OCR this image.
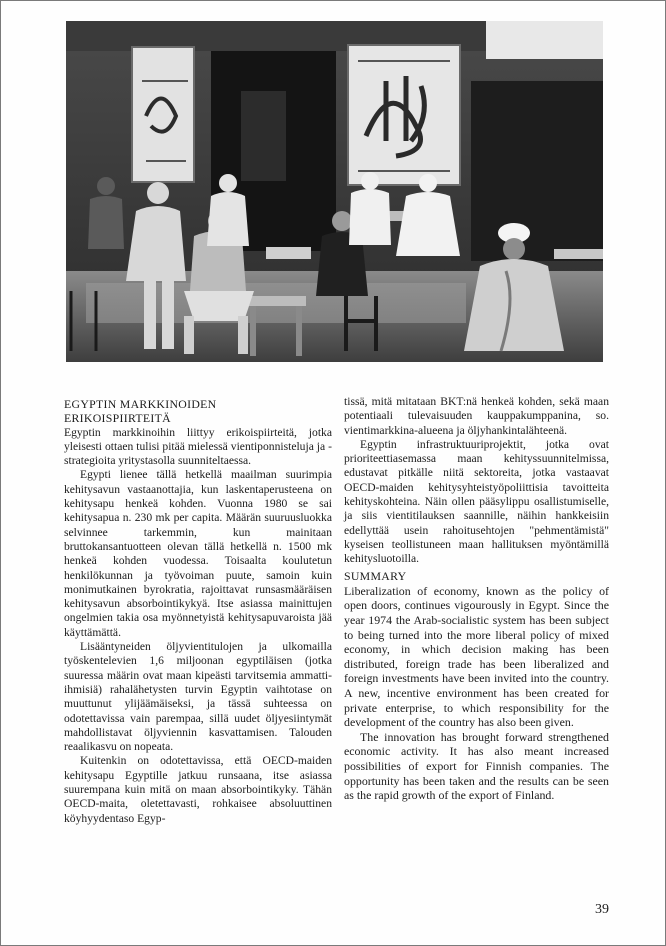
EGYPTIN MARKKINOIDEN
ERIKOISPIIRTEITÄ

Egyptin markkinoihin liittyy erikoispiirteitä, jotka yleisesti ottaen tulisi pitää mielessä vientiponnisteluja ja -strategioita yritystasolla suunniteltaessa.

Egypti lienee tällä hetkellä maailman suurimpia kehitysavun vastaanottajia, kun laskentaperusteena on kehitysapu henkeä kohden. Vuonna 1980 se sai kehitysapua n. 230 mk per capita. Määrän suuruusluokka selvinnee tarkemmin, kun mainitaan bruttokansantuotteen olevan tällä hetkellä n. 1500 mk henkeä kohden vuodessa. Toisaalta koulutetun henkilökunnan ja työvoiman puute, samoin kuin monimutkainen byrokratia, rajoittavat runsasmääräisen kehitysavun absorbointikykyä. Itse asiassa mainittujen ongelmien takia osa myönnetyistä kehitysapuvaroista jää käyttämättä.

Lisääntyneiden öljyvientitulojen ja ulkomailla työskentelevien 1,6 miljoonan egyptiläisen (jotka suuressa määrin ovat maan kipeästi tarvitsemia ammatti-ihmisiä) rahalähetysten turvin Egyptin vaihtotase on muuttunut ylijäämäiseksi, ja tässä suhteessa on odotettavissa vain parempaa, sillä uudet öljyesiintymät mahdollistavat öljyviennin kasvattamisen. Talouden reaalikasvu on nopeata.

Kuitenkin on odotettavissa, että OECD-maiden kehitysapu Egyptille jatkuu runsaana, itse asiassa suurempana kuin mitä on maan absorbointikyky. Tähän OECD-maita, oletettavasti, rohkaisee absoluuttinen köyhyydentaso Egyp-

tissä, mitä mitataan BKT:nä henkeä kohden, sekä maan potentiaali tulevaisuuden kauppakumppanina, so. vientimarkkina-alueena ja öljyhankintalähteenä.

Egyptin infrastruktuuriprojektit, jotka ovat prioriteettiasemassa maan kehityssuunnitelmissa, edustavat pitkälle niitä sektoreita, jotka vastaavat OECD-maiden kehitysyhteistyöpoliittisia tavoitteita kehityskohteina. Näin ollen pääsylippu osallistumiselle, ja siis vientitilauksen saannille, näihin hankkeisiin edellyttää usein rahoitusehtojen "pehmentämistä" kyseisen teollistuneen maan hallituksen myöntämillä kehitysluotoilla.

SUMMARY

Liberalization of economy, known as the policy of open doors, continues vigourously in Egypt. Since the year 1974 the Arab-socialistic system has been subject to being turned into the more liberal policy of mixed economy, in which decision making has been distributed, foreign trade has been liberalized and foreign investments have been invited into the country. A new, incentive environment has been created for private enterprise, to which responsibility for the development of the country has also been given.

The innovation has brought forward strengthened economic activity. It has also meant increased possibilities of export for Finnish companies. The opportunity has been taken and the results can be seen as the rapid growth of the export of Finland.

39
